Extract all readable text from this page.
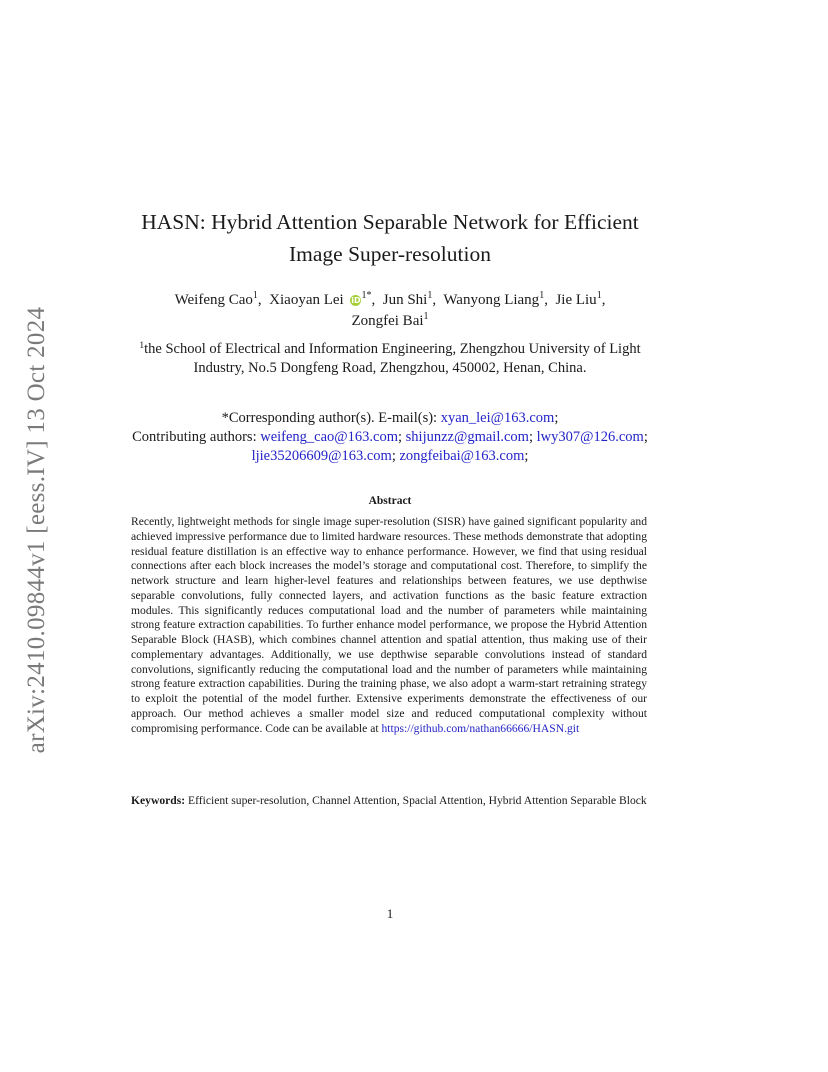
arXiv:2410.09844v1 [eess.IV] 13 Oct 2024
HASN: Hybrid Attention Separable Network for Efficient
Image Super-resolution
Weifeng Cao$^1$,  Xiaoyan Lei $iD^{1*}$,  Jun Shi$^1$,  Wanyong Liang$^1$,  Jie Liu$^1$,
Zongfei Bai$^1$
$^1$the School of Electrical and Information Engineering, Zhengzhou University of Light
Industry, No.5 Dongfeng Road, Zhengzhou, 450002, Henan, China.
*Corresponding author(s). E-mail(s): xyan_lei@163.com;
Contributing authors: weifeng_cao@163.com; shijunzz@gmail.com; lwy307@126.com;
ljie35206609@163.com; zongfeibai@163.com;
Abstract
Recently, lightweight methods for single image super-resolution (SISR) have gained significant popularity and achieved impressive performance due to limited hardware resources. These methods demonstrate that adopting residual feature distillation is an effective way to enhance performance. However, we find that using residual connections after each block increases the model’s storage and computational cost. Therefore, to simplify the network structure and learn higher-level features and relationships between features, we use depthwise separable convolutions, fully connected layers, and activation functions as the basic feature extraction modules. This significantly reduces computational load and the number of parameters while maintaining strong feature extraction capabilities. To further enhance model performance, we propose the Hybrid Attention Separable Block (HASB), which combines channel attention and spatial attention, thus making use of their complementary advantages. Additionally, we use depthwise separable convolutions instead of standard convolutions, significantly reducing the computational load and the number of parameters while maintaining strong feature extraction capabilities. During the training phase, we also adopt a warm-start retraining strategy to exploit the potential of the model further. Extensive experiments demonstrate the effectiveness of our approach. Our method achieves a smaller model size and reduced computational complexity without compromising performance. Code can be available at https://github.com/nathan66666/HASN.git
Keywords: Efficient super-resolution, Channel Attention, Spacial Attention, Hybrid Attention Separable Block
1
